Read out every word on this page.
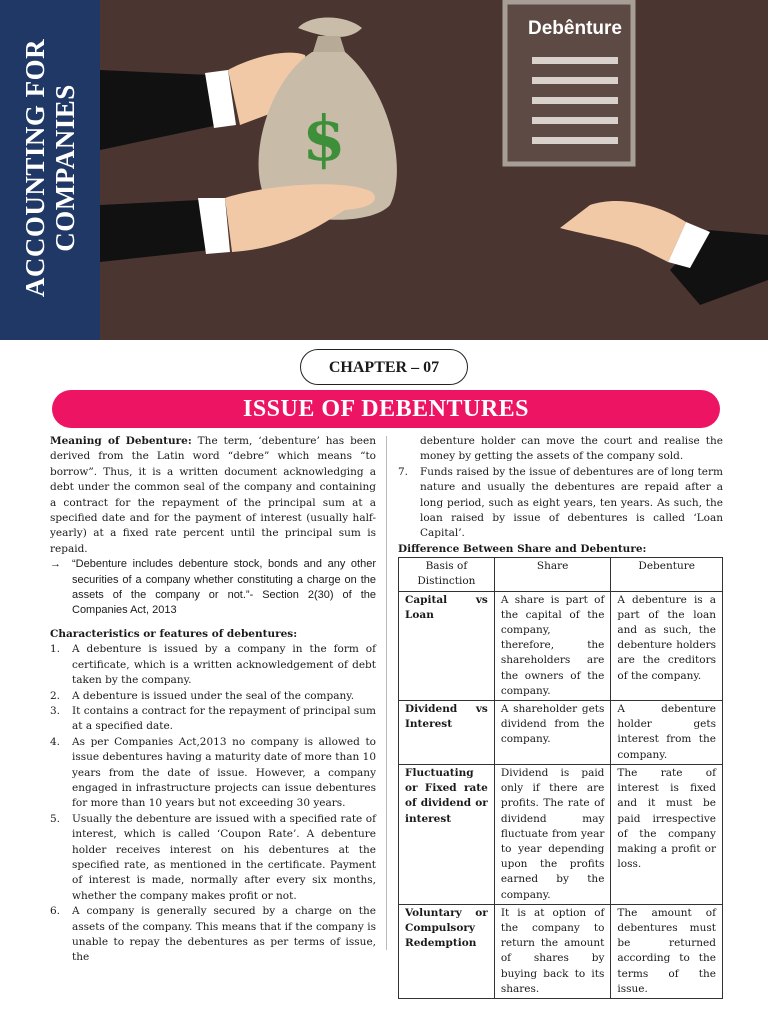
Debênture
$
ACCOUNTING FOR COMPANIES
CHAPTER – 07
ISSUE OF DEBENTURES

Meaning of Debenture: The term, ‘debenture’ has been derived from the Latin word “debre” which means “to borrow”. Thus, it is a written document acknowledging a debt under the common seal of the company and containing a contract for the repayment of the principal sum at a specified date and for the payment of interest (usually half-yearly) at a fixed rate percent until the principal sum is repaid.

→ “Debenture includes debenture stock, bonds and any other securities of a company whether constituting a charge on the assets of the company or not.”- Section 2(30) of the Companies Act, 2013

Characteristics or features of debentures:

1. A debenture is issued by a company in the form of certificate, which is a written acknowledgement of debt taken by the company.
2. A debenture is issued under the seal of the company.
3. It contains a contract for the repayment of principal sum at a specified date.
4. As per Companies Act,2013 no company is allowed to issue debentures having a maturity date of more than 10 years from the date of issue. However, a company engaged in infrastructure projects can issue debentures for more than 10 years but not exceeding 30 years.
5. Usually the debenture are issued with a specified rate of interest, which is called ‘Coupon Rate’. A debenture holder receives interest on his debentures at the specified rate, as mentioned in the certificate. Payment of interest is made, normally after every six months, whether the company makes profit or not.
6. A company is generally secured by a charge on the assets of the company. This means that if the company is unable to repay the debentures as per terms of issue, the
debenture holder can move the court and realise the money by getting the assets of the company sold.
7. Funds raised by the issue of debentures are of long term nature and usually the debentures are repaid after a long period, such as eight years, ten years. As such, the loan raised by issue of debentures is called ‘Loan Capital’.

Difference Between Share and Debenture:

Basis of Distinction	Share	Debenture
Capital vs Loan	A share is part of the capital of the company, therefore, the shareholders are the owners of the company.	A debenture is a part of the loan and as such, the debenture holders are the creditors of the company.
Dividend vs Interest	A shareholder gets dividend from the company.	A debenture holder gets interest from the company.
Fluctuating or Fixed rate of dividend or interest	Dividend is paid only if there are profits. The rate of dividend may fluctuate from year to year depending upon the profits earned by the company.	The rate of interest is fixed and it must be paid irrespective of the company making a profit or loss.
Voluntary or Compulsory Redemption	It is at option of the company to return the amount of shares by buying back to its shares.	The amount of debentures must be returned according to the terms of the issue.
